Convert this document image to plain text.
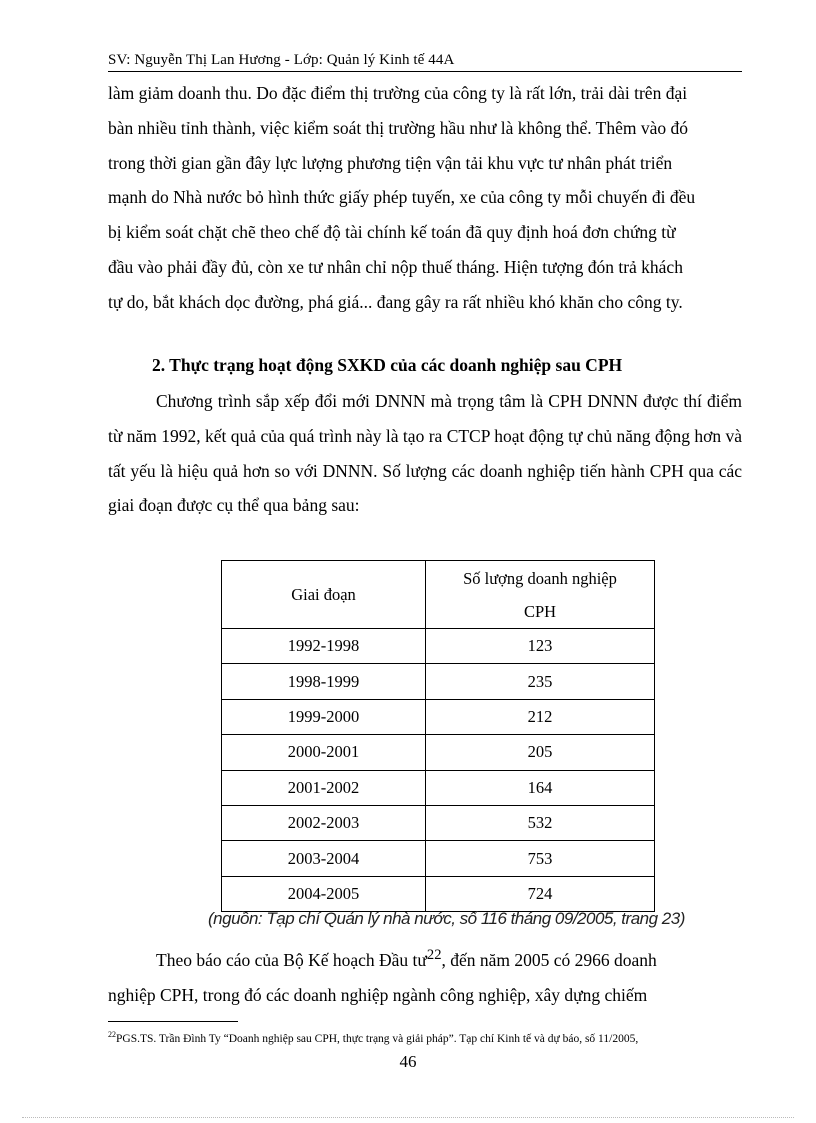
SV: Nguyễn Thị Lan Hương - Lớp: Quản lý Kinh tế 44A

làm giảm doanh thu. Do đặc điểm thị trường của công ty là rất lớn, trải dài trên đại

bàn nhiều tỉnh thành, việc kiểm soát thị trường hầu như là không thể. Thêm vào đó

trong thời gian gần đây lực lượng phương tiện vận tải khu vực tư nhân phát triển

mạnh do Nhà nước bỏ hình thức giấy phép tuyến, xe của công ty mỗi chuyến đi đều

bị kiểm soát chặt chẽ theo chế độ tài chính kế toán đã quy định hoá đơn chứng từ

đầu vào phải đầy đủ, còn xe tư nhân chỉ nộp thuế tháng. Hiện tượng đón trả khách

tự do, bắt khách dọc đường, phá giá... đang gây ra rất nhiều khó khăn cho công ty.

2. Thực trạng hoạt động SXKD của các doanh nghiệp sau CPH

Chương trình sắp xếp đổi mới DNNN mà trọng tâm là CPH DNNN được thí điểm từ năm 1992, kết quả của quá trình này là tạo ra CTCP hoạt động tự chủ năng động hơn và tất yếu là hiệu quả hơn so với DNNN. Số lượng các doanh nghiệp tiến hành CPH qua các giai đoạn được cụ thể qua bảng sau:

Giai đoạn	Số lượng doanh nghiệp
CPH

1992-1998	123
1998-1999	235
1999-2000	212
2000-2001	205
2001-2002	164
2002-2003	532
2003-2004	753
2004-2005	724
(nguồn: Tạp chí Quản lý nhà nước, số 116 tháng 09/2005, trang 23)

Theo báo cáo của Bộ Kế hoạch Đầu $tư^{22}$, đến năm 2005 có 2966 doanh

nghiệp CPH, trong đó các doanh nghiệp ngành công nghiệp, xây dựng chiếm

$^{22}$PGS.TS. Trần Đình Ty “Doanh nghiệp sau CPH, thực trạng và giải pháp”. Tạp chí Kinh tế và dự báo, số 11/2005,
46
